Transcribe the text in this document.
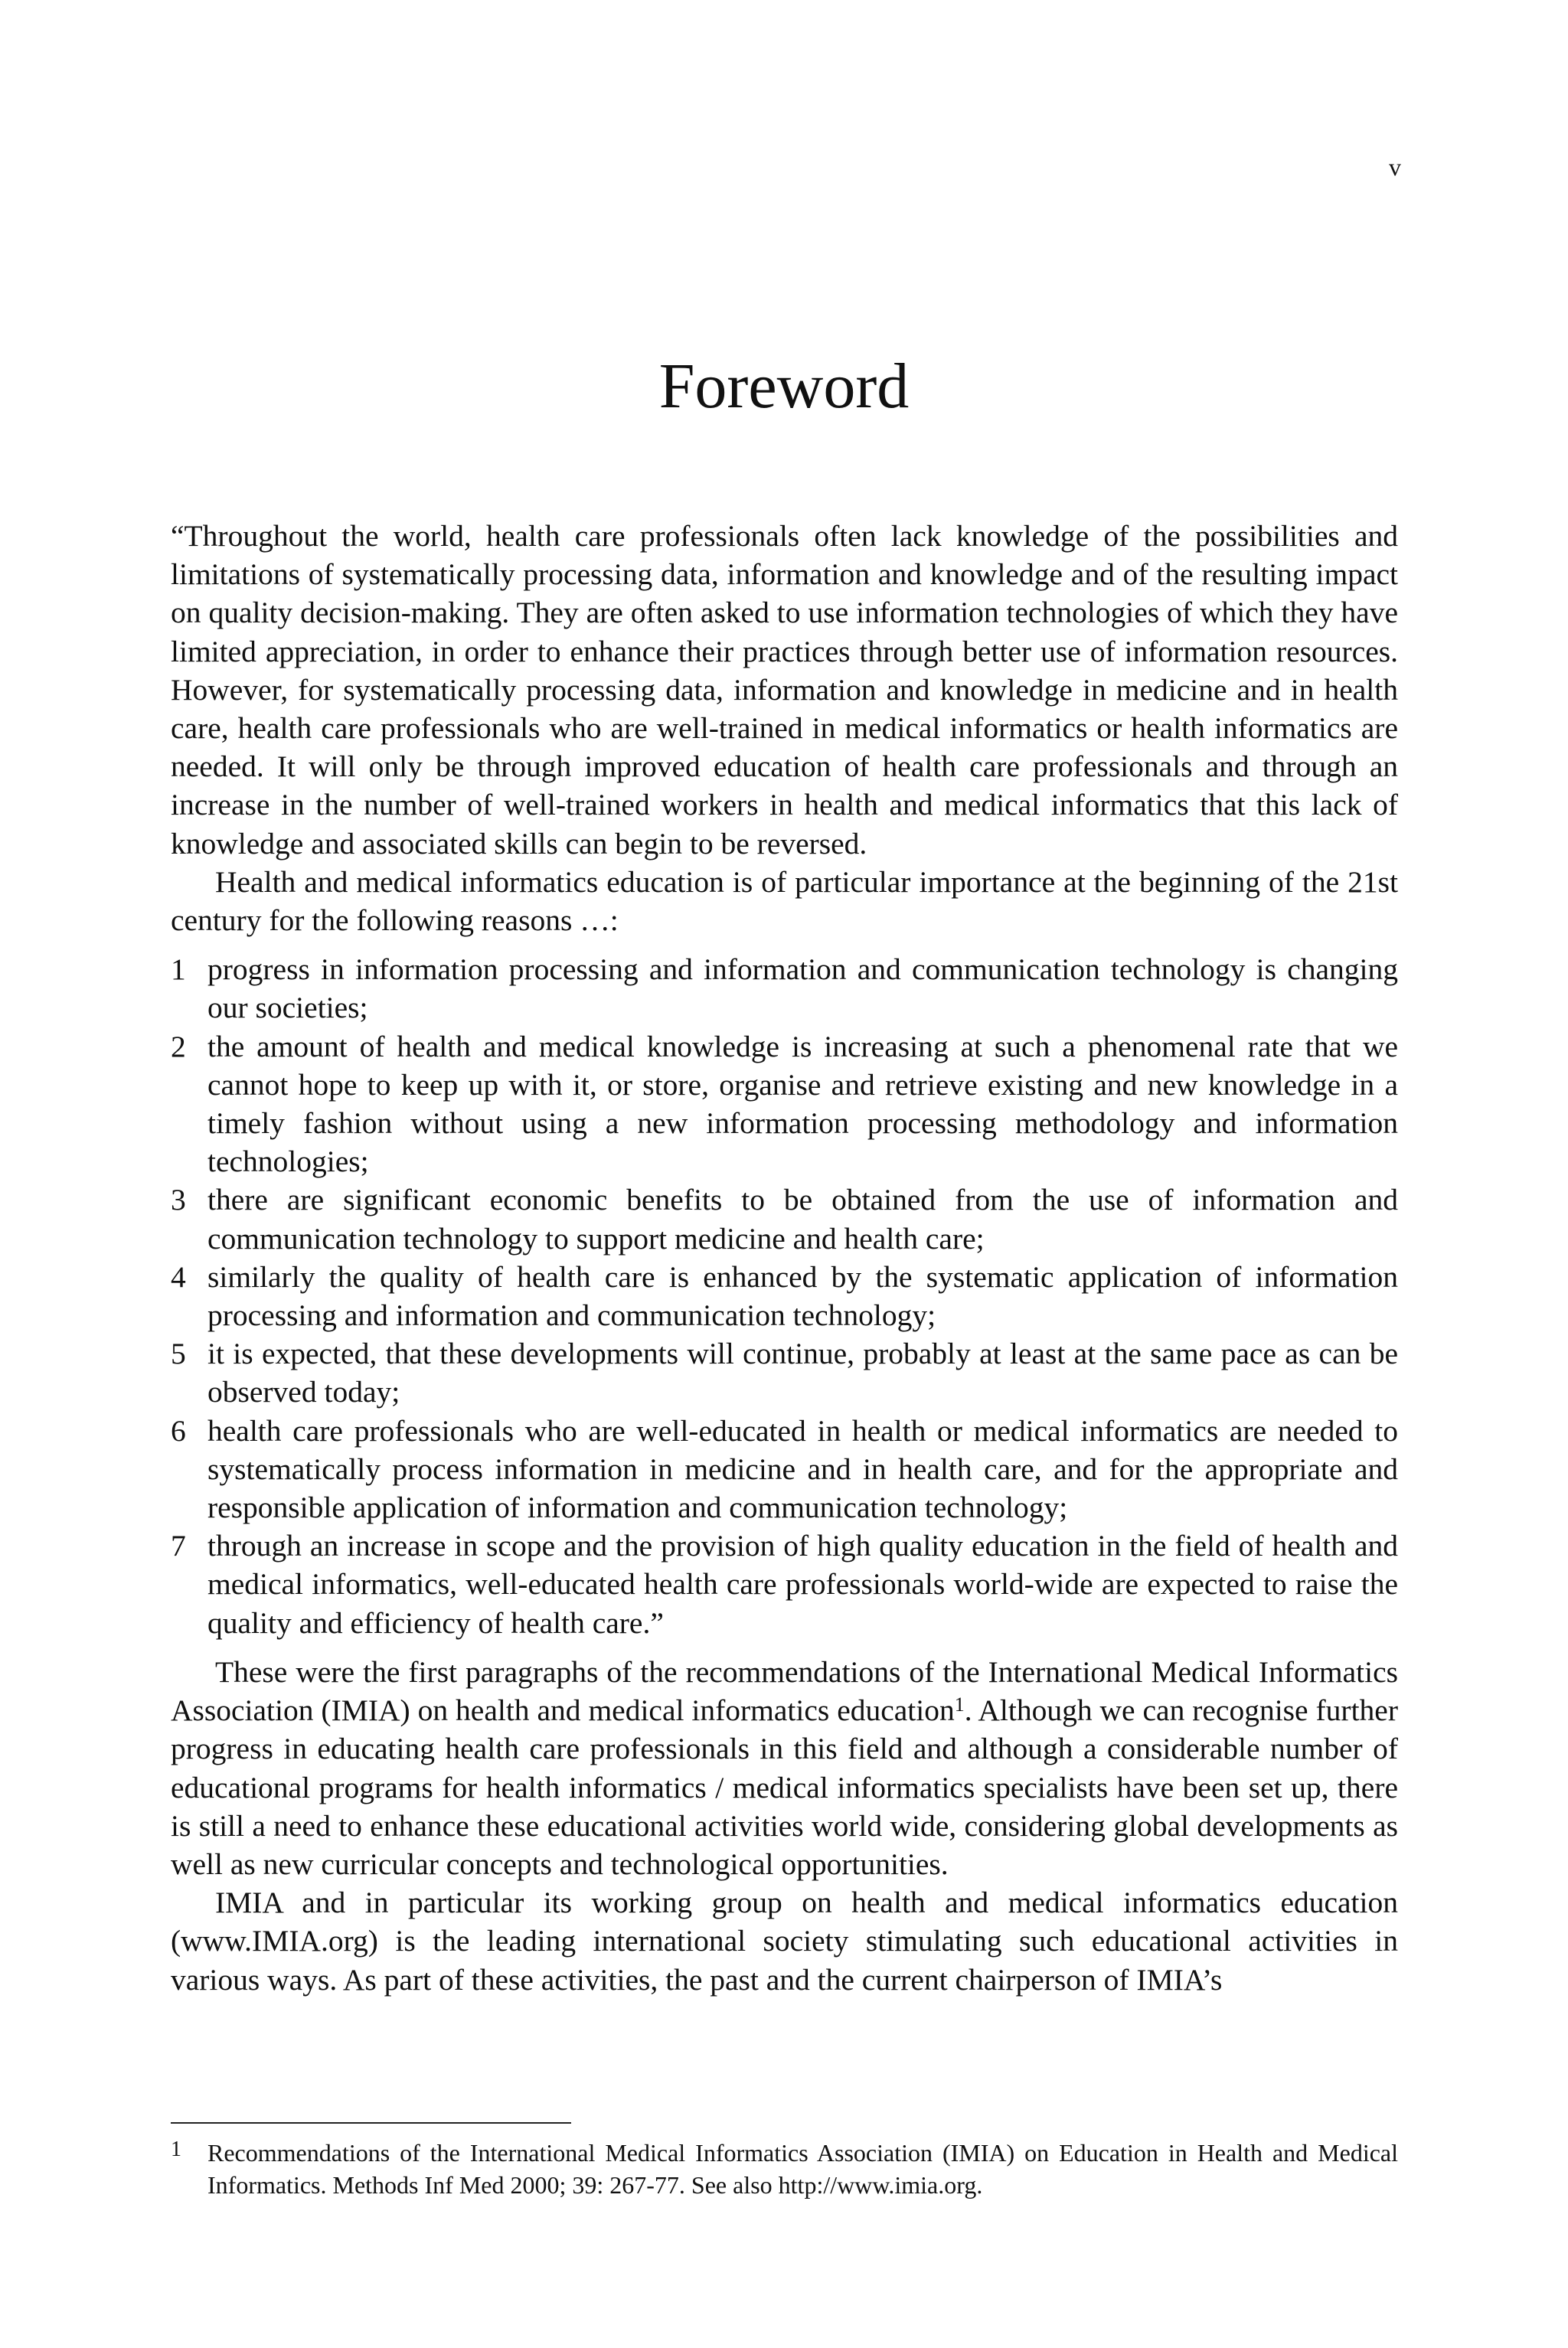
v
Foreword

“Throughout the world, health care professionals often lack knowledge of the possibilities and limitations of systematically processing data, information and knowledge and of the resulting impact on quality decision-making. They are often asked to use information technologies of which they have limited appreciation, in order to enhance their practices through better use of information resources. However, for systematically processing data, information and knowledge in medicine and in health care, health care professionals who are well-trained in medical informatics or health informatics are needed. It will only be through improved education of health care professionals and through an increase in the number of well-trained workers in health and medical informatics that this lack of knowledge and associated skills can begin to be reversed.

Health and medical informatics education is of particular importance at the beginning of the 21st century for the following reasons …:

1 progress in information processing and information and communication technology is changing our societies;
2 the amount of health and medical knowledge is increasing at such a phenomenal rate that we cannot hope to keep up with it, or store, organise and retrieve existing and new knowledge in a timely fashion without using a new information processing methodology and information technologies;
3 there are significant economic benefits to be obtained from the use of information and communication technology to support medicine and health care;
4 similarly the quality of health care is enhanced by the systematic application of information processing and information and communication technology;
5 it is expected, that these developments will continue, probably at least at the same pace as can be observed today;
6 health care professionals who are well-educated in health or medical informatics are needed to systematically process information in medicine and in health care, and for the appropriate and responsible application of information and communication technology;
7 through an increase in scope and the provision of high quality education in the field of health and medical informatics, well-educated health care professionals world-wide are expected to raise the quality and efficiency of health care.”

These were the first paragraphs of the recommendations of the International Medical Informatics Association (IMIA) on health and medical informatics education$^1$. Although we can recognise further progress in educating health care professionals in this field and although a considerable number of educational programs for health informatics / medical informatics specialists have been set up, there is still a need to enhance these educational activities world wide, considering global developments as well as new curricular concepts and technological opportunities.

IMIA and in particular its working group on health and medical informatics education (www.IMIA.org) is the leading international society stimulating such educational activities in various ways. As part of these activities, the past and the current chairperson of IMIA’s

1 Recommendations of the International Medical Informatics Association (IMIA) on Education in Health and Medical Informatics. Methods Inf Med 2000; 39: 267-77. See also http://www.imia.org.
